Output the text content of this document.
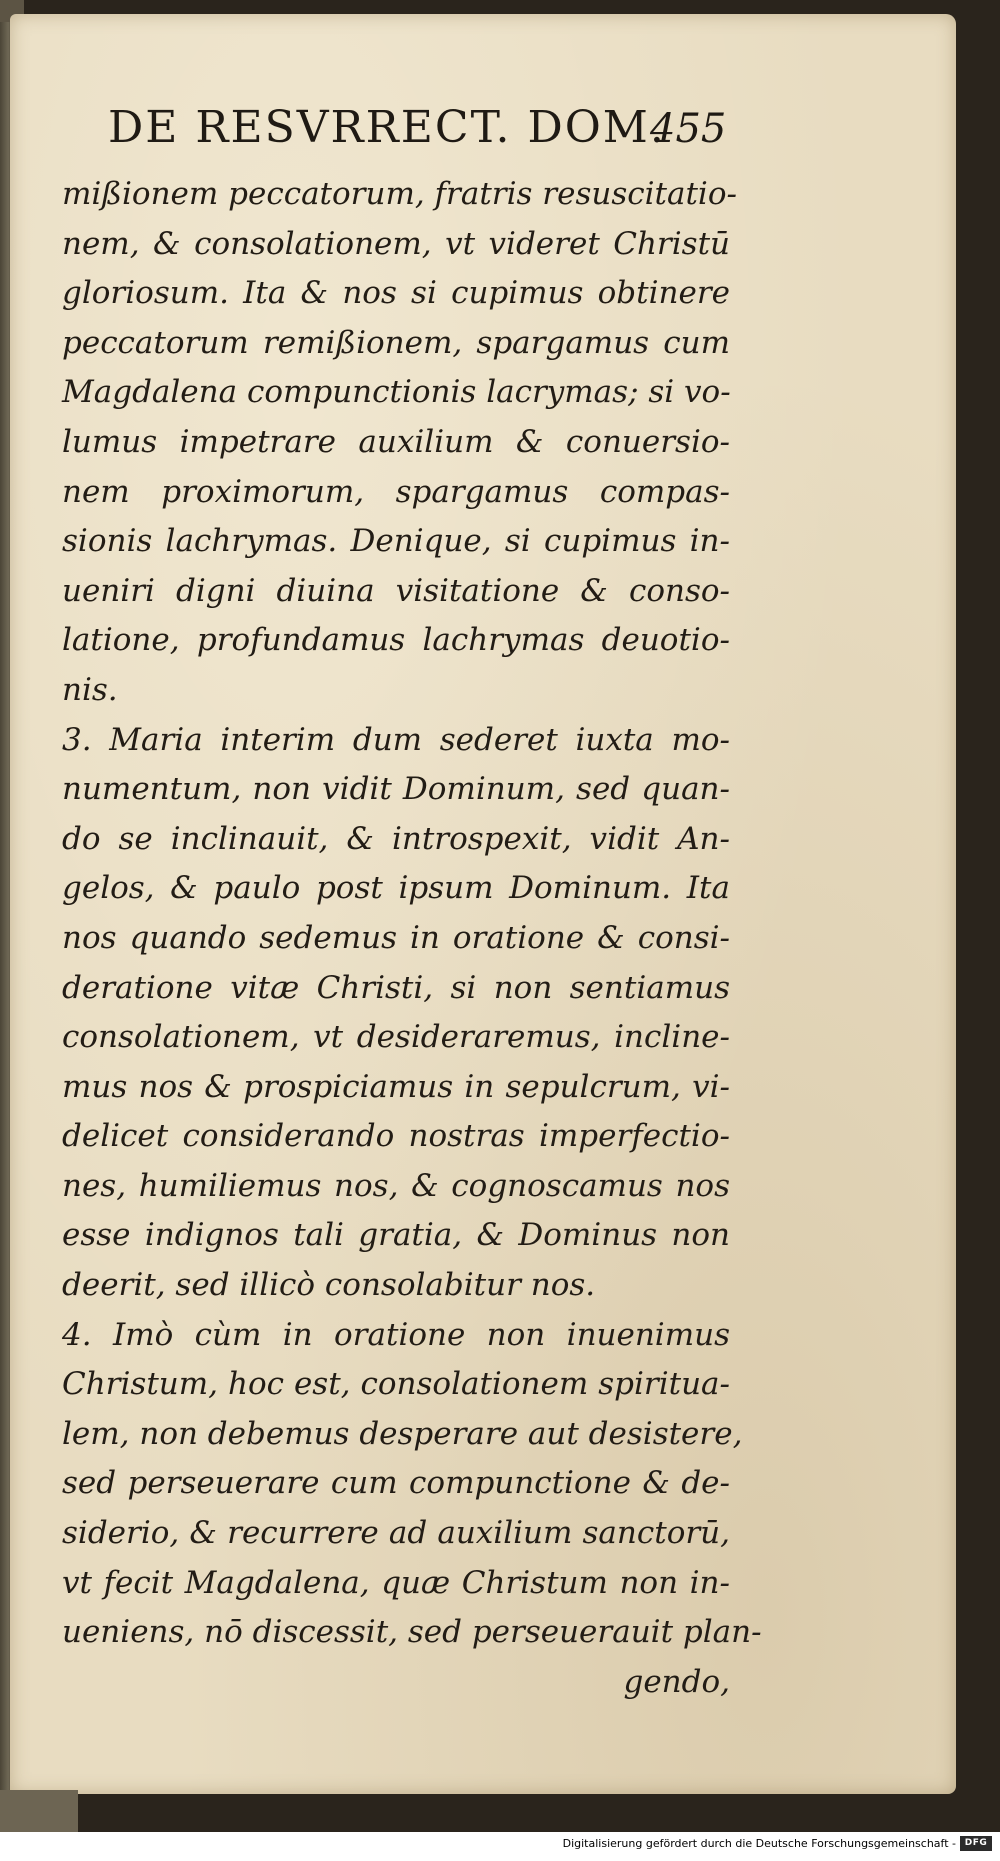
DE RESVRRECT. DOM.
455
mißionem peccatorum, fratris resuscitatio-
nem, & consolationem, vt videret Christū
gloriosum. Ita & nos si cupimus obtinere
peccatorum remißionem, spargamus cum
Magdalena compunctionis lacrymas; si vo-
lumus impetrare auxilium & conuersio-
nem proximorum, spargamus compas-
sionis lachrymas. Denique, si cupimus in-
ueniri digni diuina visitatione & conso-
latione, profundamus lachrymas deuotio-
nis.
3. Maria interim dum sederet iuxta mo-
numentum, non vidit Dominum, sed quan-
do se inclinauit, & introspexit, vidit An-
gelos, & paulo post ipsum Dominum. Ita
nos quando sedemus in oratione & consi-
deratione vitæ Christi, si non sentiamus
consolationem, vt desideraremus, incline-
mus nos & prospiciamus in sepulcrum, vi-
delicet considerando nostras imperfectio-
nes, humiliemus nos, & cognoscamus nos
esse indignos tali gratia, & Dominus non
deerit, sed illicò consolabitur nos.
4. Imò cùm in oratione non inuenimus
Christum, hoc est, consolationem spiritua-
lem, non debemus desperare aut desistere,
sed perseuerare cum compunctione & de-
siderio, & recurrere ad auxilium sanctorū,
vt fecit Magdalena, quæ Christum non in-
ueniens, nō discessit, sed perseuerauit plan-
gendo,
Digitalisierung gefördert durch die Deutsche Forschungsgemeinschaft - DFG
